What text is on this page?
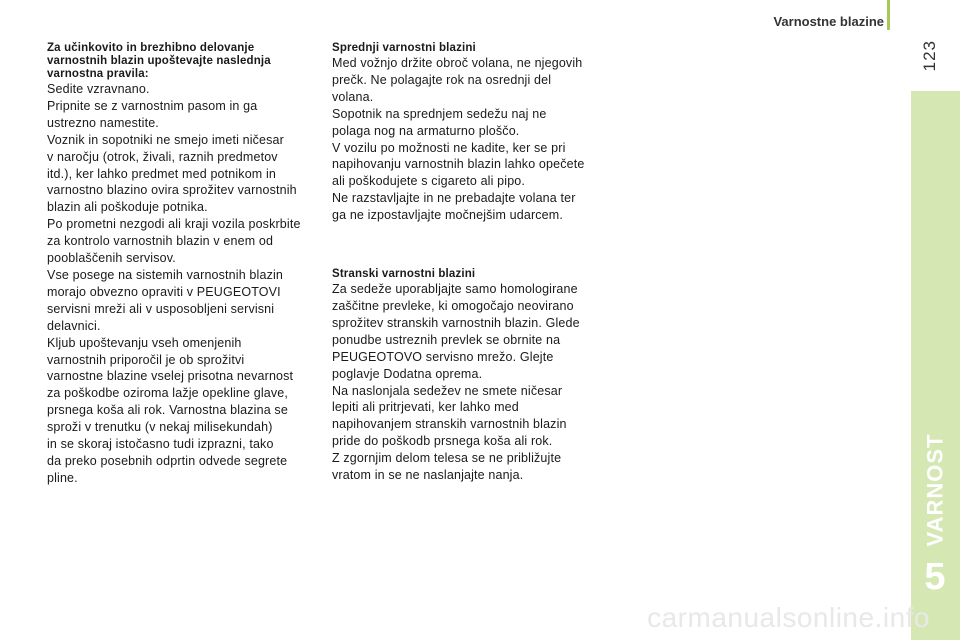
Varnostne blazine
123
VARNOST
5

Za učinkovito in brezhibno delovanje
varnostnih blazin upoštevajte naslednja
varnostna pravila:

Sedite vzravnano.
Pripnite se z varnostnim pasom in ga
ustrezno namestite.
Voznik in sopotniki ne smejo imeti ničesar
v naročju (otrok, živali, raznih predmetov
itd.), ker lahko predmet med potnikom in
varnostno blazino ovira sprožitev varnostnih
blazin ali poškoduje potnika.
Po prometni nezgodi ali kraji vozila poskrbite
za kontrolo varnostnih blazin v enem od
pooblaščenih servisov.
Vse posege na sistemih varnostnih blazin
morajo obvezno opraviti v PEUGEOTOVI
servisni mreži ali v usposobljeni servisni
delavnici.
Kljub upoštevanju vseh omenjenih
varnostnih priporočil je ob sprožitvi
varnostne blazine vselej prisotna nevarnost
za poškodbe oziroma lažje opekline glave,
prsnega koša ali rok. Varnostna blazina se
sproži v trenutku (v nekaj milisekundah)
in se skoraj istočasno tudi izprazni, tako
da preko posebnih odprtin odvede segrete
pline.

Sprednji varnostni blazini

Med vožnjo držite obroč volana, ne njegovih
prečk. Ne polagajte rok na osrednji del
volana.
Sopotnik na sprednjem sedežu naj ne
polaga nog na armaturno ploščo.
V vozilu po možnosti ne kadite, ker se pri
napihovanju varnostnih blazin lahko opečete
ali poškodujete s cigareto ali pipo.
Ne razstavljajte in ne prebadajte volana ter
ga ne izpostavljajte močnejšim udarcem.

Stranski varnostni blazini

Za sedeže uporabljajte samo homologirane
zaščitne prevleke, ki omogočajo neovirano
sprožitev stranskih varnostnih blazin. Glede
ponudbe ustreznih prevlek se obrnite na
PEUGEOTOVO servisno mrežo. Glejte
poglavje Dodatna oprema.
Na naslonjala sedežev ne smete ničesar
lepiti ali pritrjevati, ker lahko med
napihovanjem stranskih varnostnih blazin
pride do poškodb prsnega koša ali rok.
Z zgornjim delom telesa se ne približujte
vratom in se ne naslanjajte nanja.

carmanualsonline.info
